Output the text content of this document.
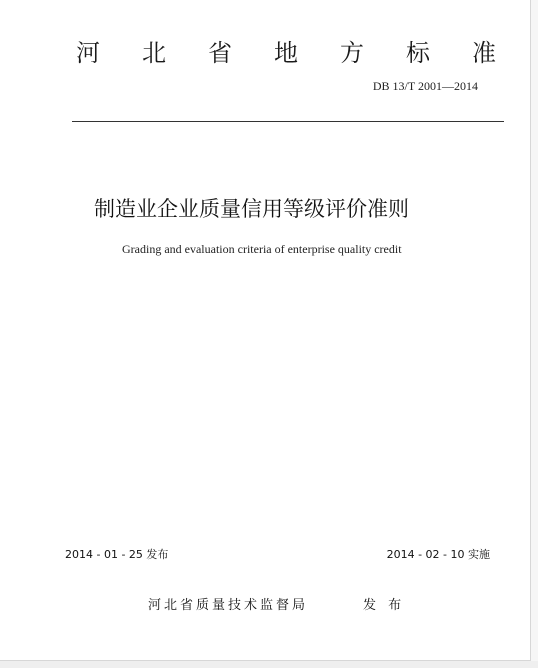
河 北 省 地 方 标 准
DB 13/T 2001—2014
制造业企业质量信用等级评价准则
Grading and evaluation criteria of enterprise quality credit
2014 - 01 - 25 发布	2014 - 02 - 10 实施
河北省质量技术监督局	发 布
